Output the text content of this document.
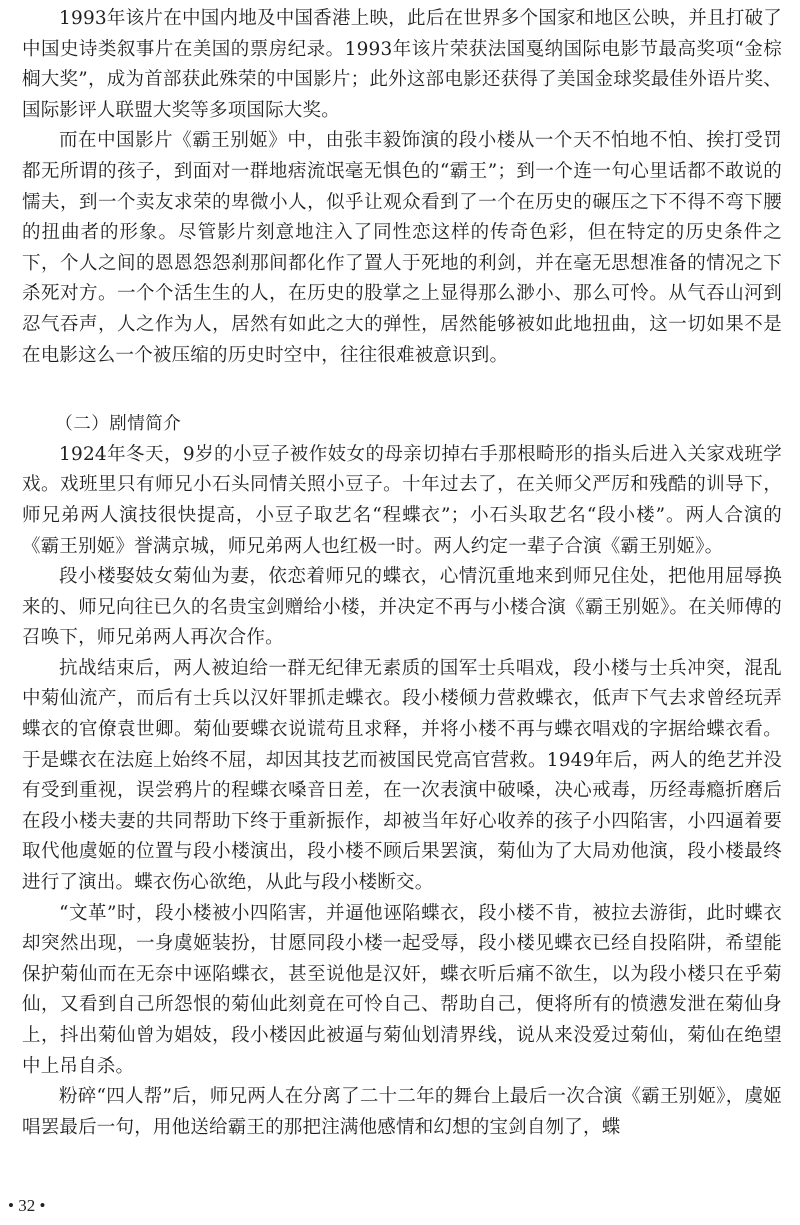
1993年该片在中国内地及中国香港上映，此后在世界多个国家和地区公映，并且打破了中国史诗类叙事片在美国的票房纪录。1993年该片荣获法国戛纳国际电影节最高奖项“金棕榈大奖”，成为首部获此殊荣的中国影片；此外这部电影还获得了美国金球奖最佳外语片奖、国际影评人联盟大奖等多项国际大奖。

而在中国影片《霸王别姬》中，由张丰毅饰演的段小楼从一个天不怕地不怕、挨打受罚都无所谓的孩子，到面对一群地痞流氓毫无惧色的“霸王”；到一个连一句心里话都不敢说的懦夫，到一个卖友求荣的卑微小人，似乎让观众看到了一个在历史的碾压之下不得不弯下腰的扭曲者的形象。尽管影片刻意地注入了同性恋这样的传奇色彩，但在特定的历史条件之下，个人之间的恩恩怨怨刹那间都化作了置人于死地的利剑，并在毫无思想准备的情况之下杀死对方。一个个活生生的人，在历史的股掌之上显得那么渺小、那么可怜。从气吞山河到忍气吞声，人之作为人，居然有如此之大的弹性，居然能够被如此地扭曲，这一切如果不是在电影这么一个被压缩的历史时空中，往往很难被意识到。

（二）剧情简介

1924年冬天，9岁的小豆子被作妓女的母亲切掉右手那根畸形的指头后进入关家戏班学戏。戏班里只有师兄小石头同情关照小豆子。十年过去了，在关师父严厉和残酷的训导下，师兄弟两人演技很快提高，小豆子取艺名“程蝶衣”；小石头取艺名“段小楼”。两人合演的《霸王别姬》誉满京城，师兄弟两人也红极一时。两人约定一辈子合演《霸王别姬》。

段小楼娶妓女菊仙为妻，依恋着师兄的蝶衣，心情沉重地来到师兄住处，把他用屈辱换来的、师兄向往已久的名贵宝剑赠给小楼，并决定不再与小楼合演《霸王别姬》。在关师傅的召唤下，师兄弟两人再次合作。

抗战结束后，两人被迫给一群无纪律无素质的国军士兵唱戏，段小楼与士兵冲突，混乱中菊仙流产，而后有士兵以汉奸罪抓走蝶衣。段小楼倾力营救蝶衣，低声下气去求曾经玩弄蝶衣的官僚袁世卿。菊仙要蝶衣说谎苟且求释，并将小楼不再与蝶衣唱戏的字据给蝶衣看。于是蝶衣在法庭上始终不屈，却因其技艺而被国民党高官营救。1949年后，两人的绝艺并没有受到重视，误尝鸦片的程蝶衣嗓音日差，在一次表演中破嗓，决心戒毒，历经毒瘾折磨后在段小楼夫妻的共同帮助下终于重新振作，却被当年好心收养的孩子小四陷害，小四逼着要取代他虞姬的位置与段小楼演出，段小楼不顾后果罢演，菊仙为了大局劝他演，段小楼最终进行了演出。蝶衣伤心欲绝，从此与段小楼断交。

“文革”时，段小楼被小四陷害，并逼他诬陷蝶衣，段小楼不肯，被拉去游街，此时蝶衣却突然出现，一身虞姬装扮，甘愿同段小楼一起受辱，段小楼见蝶衣已经自投陷阱，希望能保护菊仙而在无奈中诬陷蝶衣，甚至说他是汉奸，蝶衣听后痛不欲生，以为段小楼只在乎菊仙，又看到自己所怨恨的菊仙此刻竟在可怜自己、帮助自己，便将所有的愤懑发泄在菊仙身上，抖出菊仙曾为娼妓，段小楼因此被逼与菊仙划清界线，说从来没爱过菊仙，菊仙在绝望中上吊自杀。

粉碎“四人帮”后，师兄两人在分离了二十二年的舞台上最后一次合演《霸王别姬》，虞姬唱罢最后一句，用他送给霸王的那把注满他感情和幻想的宝剑自刎了，蝶

• 32 •
